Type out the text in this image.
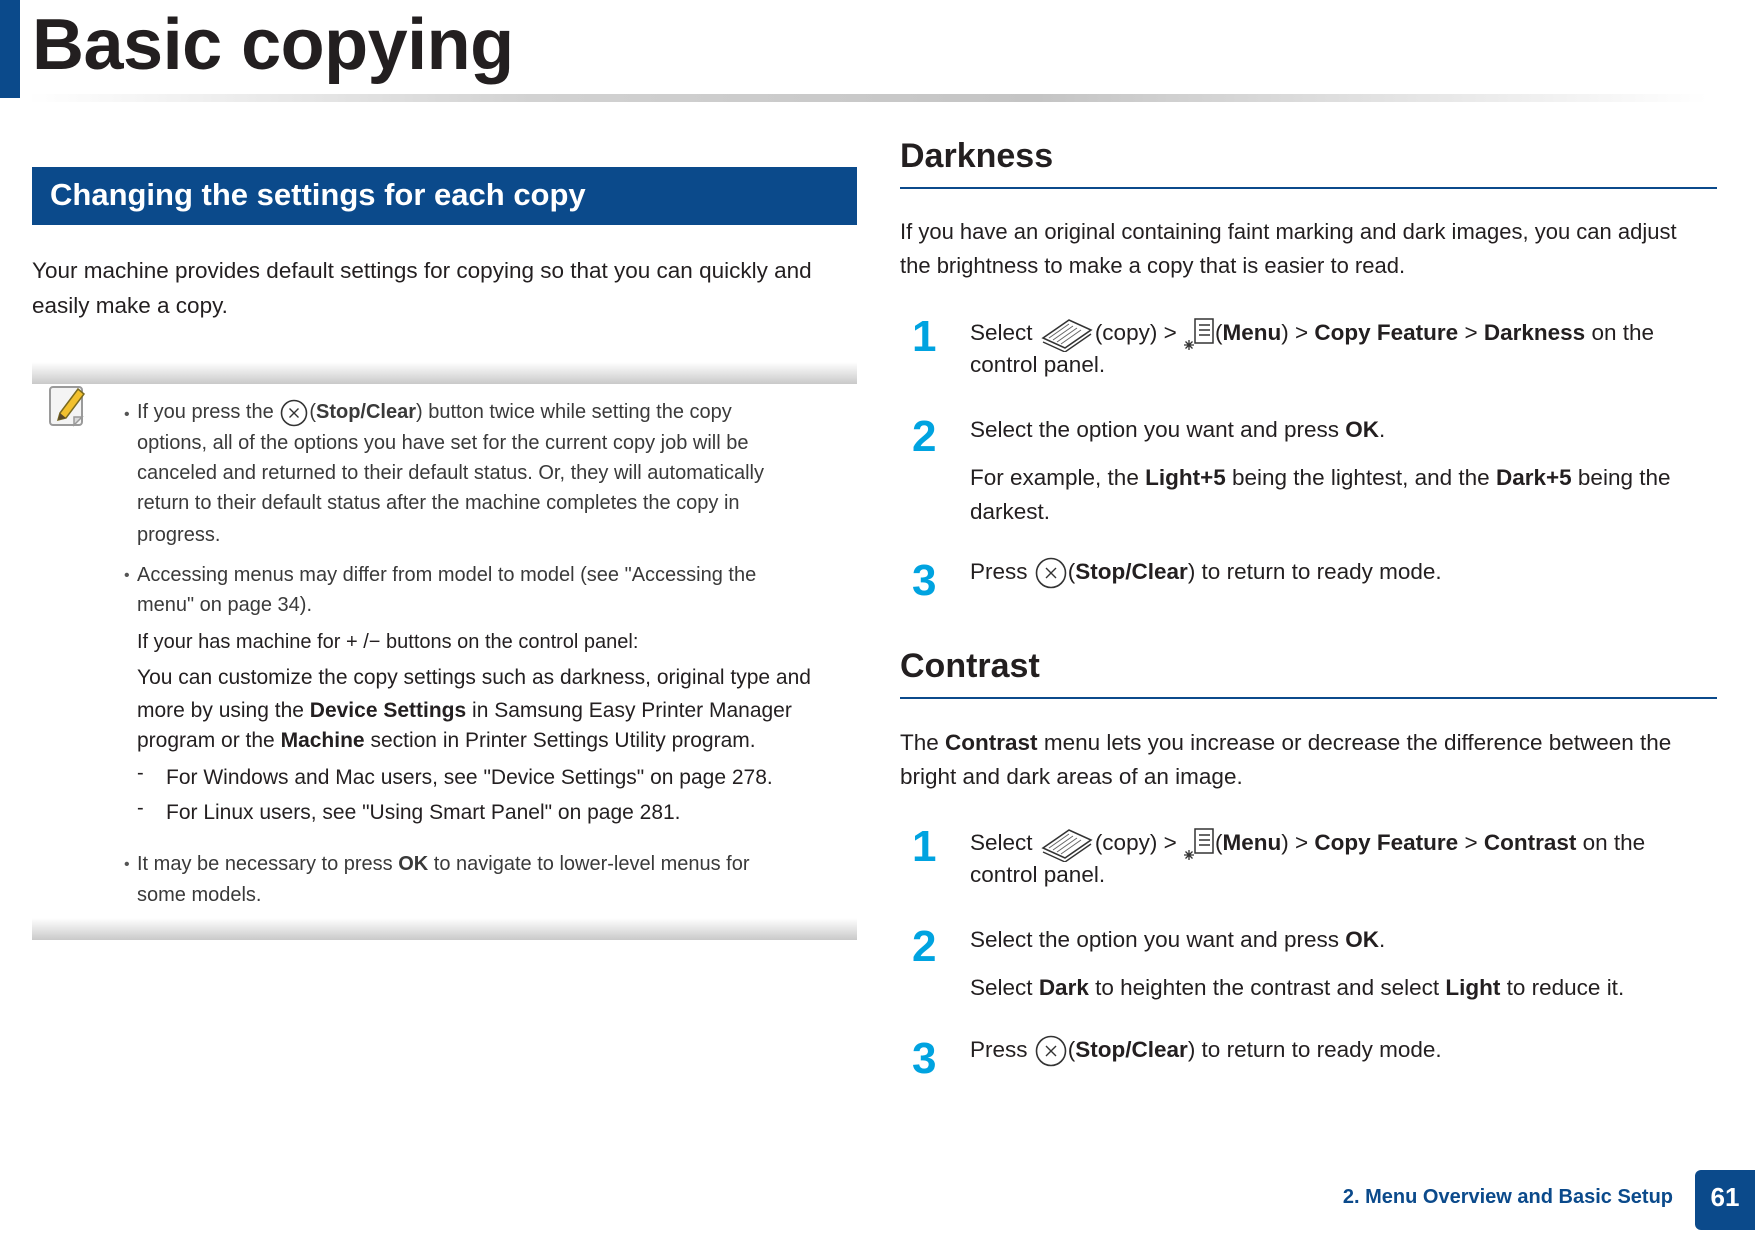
Basic copying
Changing the settings for each copy
Your machine provides default settings for copying so that you can quickly and
easily make a copy.
• If you press the (Stop/Clear) button twice while setting the copy
options, all of the options you have set for the current copy job will be
canceled and returned to their default status. Or, they will automatically
return to their default status after the machine completes the copy in
progress.
• Accessing menus may differ from model to model (see "Accessing the
menu" on page 34).
If your has machine for + /− buttons on the control panel:
You can customize the copy settings such as darkness, original type and
more by using the Device Settings in Samsung Easy Printer Manager
program or the Machine section in Printer Settings Utility program.
- For Windows and Mac users, see "Device Settings" on page 278.
- For Linux users, see "Using Smart Panel" on page 281.
• It may be necessary to press OK to navigate to lower-level menus for
some models.
Darkness
If you have an original containing faint marking and dark images, you can adjust
the brightness to make a copy that is easier to read.
1 Select	(copy) > (Menu) > Copy Feature > Darkness on the
control panel.
2 Select the option you want and press OK.
For example, the Light+5 being the lightest, and the Dark+5 being the
darkest.
3 Press (Stop/Clear) to return to ready mode.
Contrast
The Contrast menu lets you increase or decrease the difference between the
bright and dark areas of an image.
1 Select	(copy) > (Menu) > Copy Feature > Contrast on the
control panel.
2 Select the option you want and press OK.
Select Dark to heighten the contrast and select Light to reduce it.
3 Press (Stop/Clear) to return to ready mode.
2. Menu Overview and Basic Setup	61
